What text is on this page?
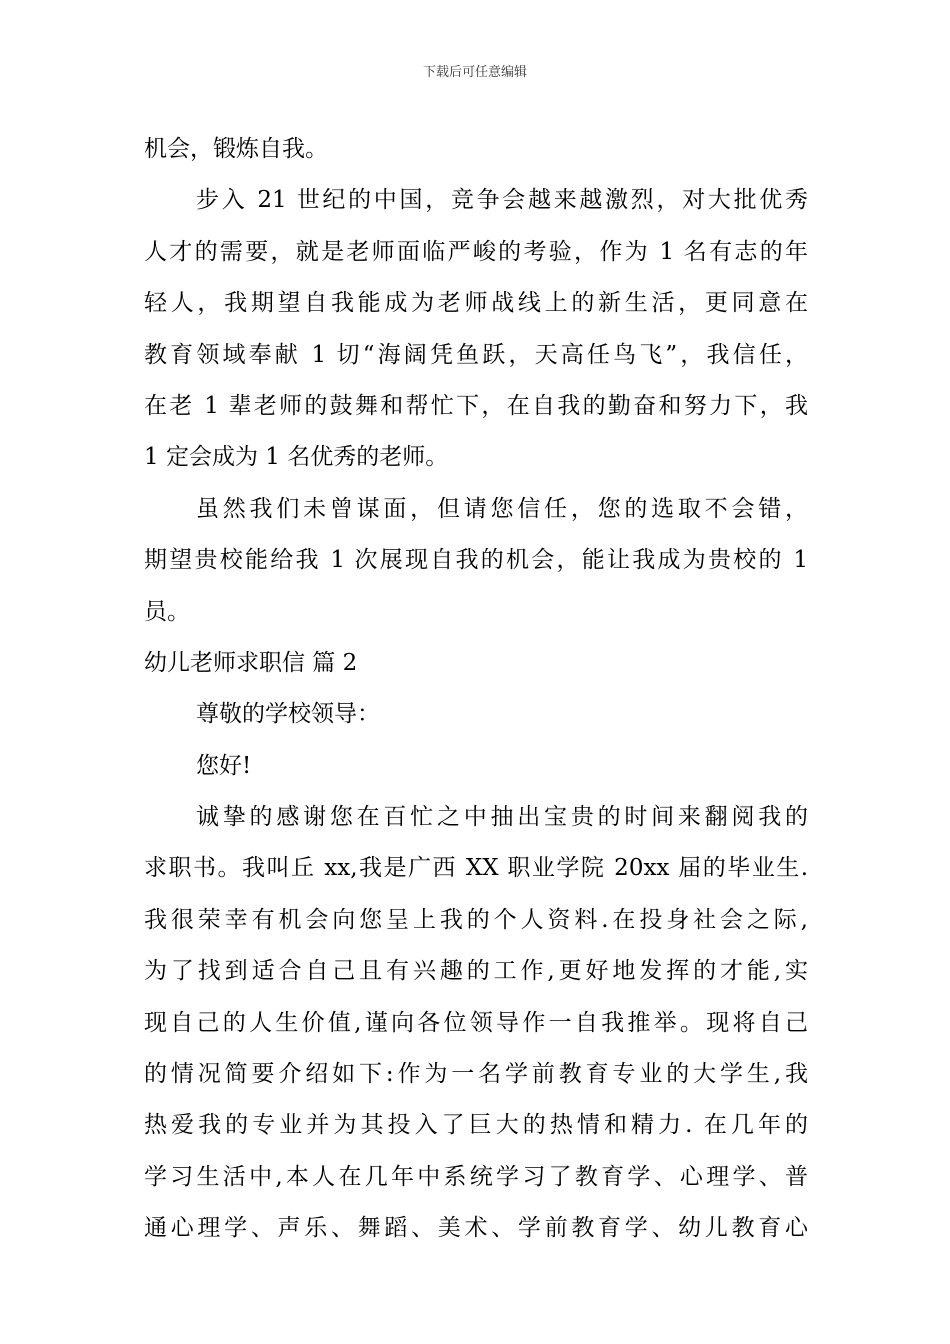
下载后可任意编辑
机会，锻炼自我。
步入 21 世纪的中国，竞争会越来越激烈，对大批优秀
人才的需要，就是老师面临严峻的考验，作为 1 名有志的年
轻人，我期望自我能成为老师战线上的新生活，更同意在
教育领域奉献 1 切“海阔凭鱼跃，天高任鸟飞”，我信任，
在老 1 辈老师的鼓舞和帮忙下，在自我的勤奋和努力下，我
1 定会成为 1 名优秀的老师。
虽然我们未曾谋面，但请您信任，您的选取不会错，
期望贵校能给我 1 次展现自我的机会，能让我成为贵校的 1
员。
幼儿老师求职信 篇 2
尊敬的学校领导：
您好!
诚挚的感谢您在百忙之中抽出宝贵的时间来翻阅我的
求职书。我叫丘 xx,我是广西 XX 职业学院 20xx 届的毕业生.
我很荣幸有机会向您呈上我的个人资料.在投身社会之际,
为了找到适合自己且有兴趣的工作,更好地发挥的才能,实
现自己的人生价值,谨向各位领导作一自我推举。现将自己
的情况简要介绍如下:作为一名学前教育专业的大学生,我
热爱我的专业并为其投入了巨大的热情和精力. 在几年的
学习生活中,本人在几年中系统学习了教育学、心理学、普
通心理学、声乐、舞蹈、美术、学前教育学、幼儿教育心
